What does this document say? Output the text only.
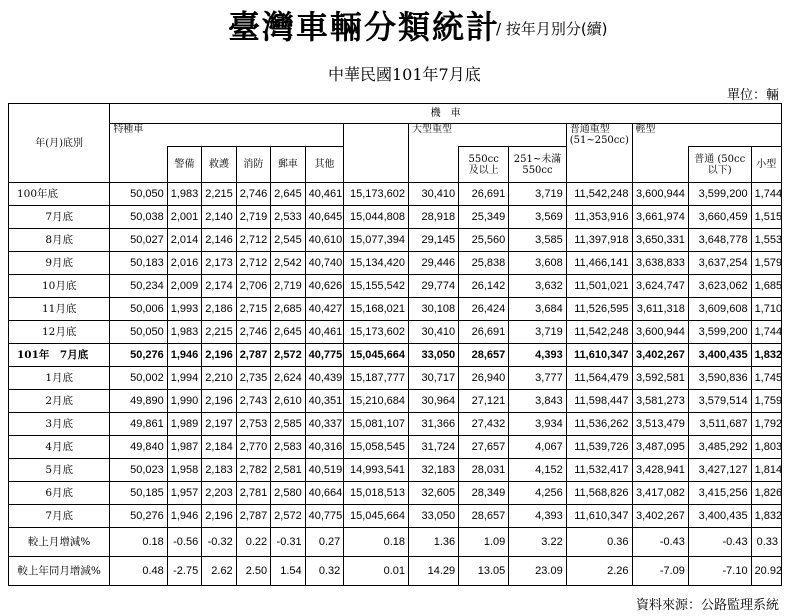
臺灣車輛分類統計
/ 按年月別分(續)
中華民國101年7月底
單位：輛
年(月)底別	機　車													
	特種車							大型重型			普通重型 (51~250cc)	輕型		
		警備	救護	消防	郵車	其他			550cc 及以上	251~未滿 550cc			普通 (50cc以下)	小型
100年底	50,050	1,983	2,215	2,746	2,645	40,461	15,173,602	30,410	26,691	3,719	11,542,248	3,600,944	3,599,200	1,744
7月底	50,038	2,001	2,140	2,719	2,533	40,645	15,044,808	28,918	25,349	3,569	11,353,916	3,661,974	3,660,459	1,515
8月底	50,027	2,014	2,146	2,712	2,545	40,610	15,077,394	29,145	25,560	3,585	11,397,918	3,650,331	3,648,778	1,553
9月底	50,183	2,016	2,173	2,712	2,542	40,740	15,134,420	29,446	25,838	3,608	11,466,141	3,638,833	3,637,254	1,579
10月底	50,234	2,009	2,174	2,706	2,719	40,626	15,155,542	29,774	26,142	3,632	11,501,021	3,624,747	3,623,062	1,685
11月底	50,006	1,993	2,186	2,715	2,685	40,427	15,168,021	30,108	26,424	3,684	11,526,595	3,611,318	3,609,608	1,710
12月底	50,050	1,983	2,215	2,746	2,645	40,461	15,173,602	30,410	26,691	3,719	11,542,248	3,600,944	3,599,200	1,744
101年　7月底	50,276	1,946	2,196	2,787	2,572	40,775	15,045,664	33,050	28,657	4,393	11,610,347	3,402,267	3,400,435	1,832
1月底	50,002	1,994	2,210	2,735	2,624	40,439	15,187,777	30,717	26,940	3,777	11,564,479	3,592,581	3,590,836	1,745
2月底	49,890	1,990	2,196	2,743	2,610	40,351	15,210,684	30,964	27,121	3,843	11,598,447	3,581,273	3,579,514	1,759
3月底	49,861	1,989	2,197	2,753	2,585	40,337	15,081,107	31,366	27,432	3,934	11,536,262	3,513,479	3,511,687	1,792
4月底	49,840	1,987	2,184	2,770	2,583	40,316	15,058,545	31,724	27,657	4,067	11,539,726	3,487,095	3,485,292	1,803
5月底	50,023	1,958	2,183	2,782	2,581	40,519	14,993,541	32,183	28,031	4,152	11,532,417	3,428,941	3,427,127	1,814
6月底	50,185	1,957	2,203	2,781	2,580	40,664	15,018,513	32,605	28,349	4,256	11,568,826	3,417,082	3,415,256	1,826
7月底	50,276	1,946	2,196	2,787	2,572	40,775	15,045,664	33,050	28,657	4,393	11,610,347	3,402,267	3,400,435	1,832
較上月增減%	0.18	-0.56	-0.32	0.22	-0.31	0.27	0.18	1.36	1.09	3.22	0.36	-0.43	-0.43	0.33
較上年同月增減%	0.48	-2.75	2.62	2.50	1.54	0.32	0.01	14.29	13.05	23.09	2.26	-7.09	-7.10	20.92
資料來源：公路監理系統
